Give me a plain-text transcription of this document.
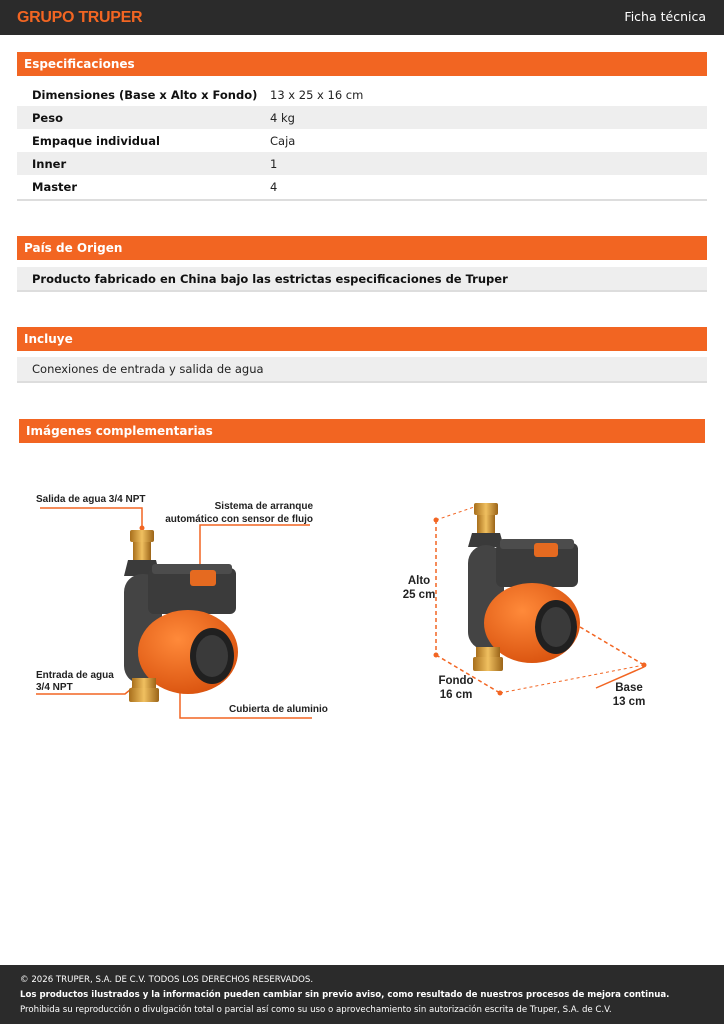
GRUPO TRUPER	Ficha técnica
Especificaciones
Dimensiones (Base x Alto x Fondo) 13 x 25 x 16 cm
Peso	4 kg
Empaque individual	Caja
Inner	1
Master	4
País de Origen
Producto fabricado en China bajo las estrictas especificaciones de Truper
Incluye
Conexiones de entrada y salida de agua
Imágenes complementarias
Salida de agua 3/4 NPT
Sistema de arranque
automático con sensor de flujo
Entrada de agua
3/4 NPT
Cubierta de aluminio
Alto
25 cm
Fondo
16 cm
Base
13 cm
© 2026 TRUPER, S.A. DE C.V. TODOS LOS DERECHOS RESERVADOS.
Los productos ilustrados y la información pueden cambiar sin previo aviso, como resultado de nuestros procesos de mejora continua.
Prohibida su reproducción o divulgación total o parcial así como su uso o aprovechamiento sin autorización escrita de Truper, S.A. de C.V.
